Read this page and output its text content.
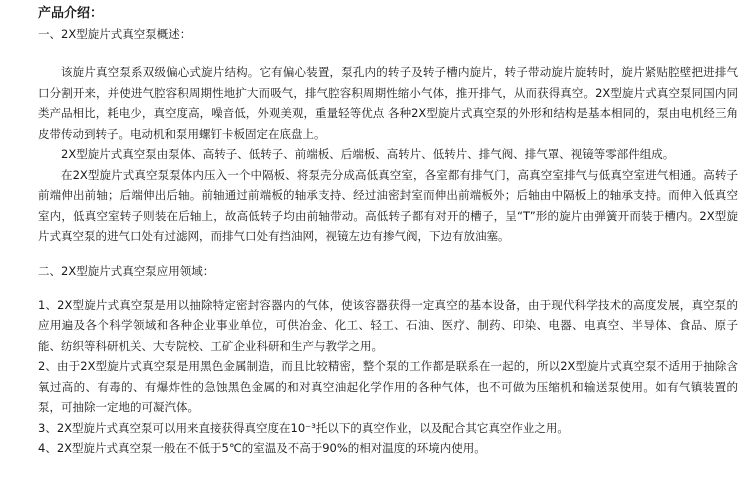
产品介绍：
一、2X型旋片式真空泵概述：

该旋片真空泵系双级偏心式旋片结构。它有偏心装置，泵孔内的转子及转子槽内旋片，转子带动旋片旋转时，旋片紧贴腔壁把进排气口分割开来，并使进气腔容积周期性地扩大而吸气，排气腔容积周期性缩小气体，推开排气，从而获得真空。2X型旋片式真空泵同国内同类产品相比，耗电少，真空度高，噪音低，外观美观，重量轻等优点 各种2X型旋片式真空泵的外形和结构是基本相同的，泵由电机经三角皮带传动到转子。电动机和泵用螺钉卡板固定在底盘上。

2X型旋片式真空泵由泵体、高转子、低转子、前端板、后端板、高转片、低转片、排气阀、排气罩、视镜等零部件组成。

在2X型旋片式真空泵泵体内压入一个中隔板、将泵壳分成高低真空室，各室都有排气门，高真空室排气与低真空室进气相通。高转子前端伸出前轴；后端伸出后轴。前轴通过前端板的轴承支持、经过油密封室而伸出前端板外；后轴由中隔板上的轴承支持。而伸入低真空室内，低真空室转子则装在后轴上，故高低转子均由前轴带动。高低转子都有对开的槽子，呈“T”形的旋片由弹簧开而装于槽内。2X型旋片式真空泵的进气口处有过滤网，而排气口处有挡油网，视镜左边有掺气阀，下边有放油塞。

二、2X型旋片式真空泵应用领域：

1、2X型旋片式真空泵是用以抽除特定密封容器内的气体，使该容器获得一定真空的基本设备，由于现代科学技术的高度发展，真空泵的应用遍及各个科学领域和各种企业事业单位，可供冶金、化工、轻工、石油、医疗、制药、印染、电器、电真空、半导体、食品、原子能、纺织等科研机关、大专院校、工矿企业科研和生产与教学之用。

2、由于2X型旋片式真空泵是用黑色金属制造，而且比较精密，整个泵的工作都是联系在一起的，所以2X型旋片式真空泵不适用于抽除含氧过高的、有毒的、有爆炸性的急蚀黑色金属的和对真空油起化学作用的各种气体，也不可做为压缩机和输送泵使用。如有气镇装置的泵，可抽除一定地的可凝汽体。

3、2X型旋片式真空泵可以用来直接获得真空度在10⁻³托以下的真空作业，以及配合其它真空作业之用。

4、2X型旋片式真空泵一般在不低于5℃的室温及不高于90%的相对温度的环境内使用。
